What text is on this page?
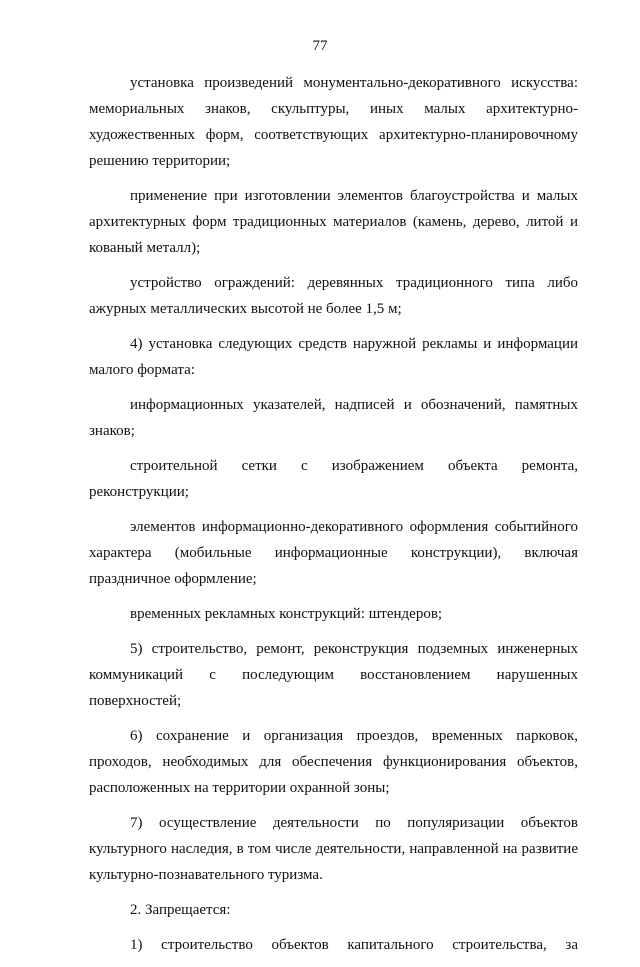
77

установка произведений монументально-декоративного искусства: мемориальных знаков, скульптуры, иных малых архитектурно-художественных форм, соответствующих архитектурно-планировочному решению территории;

применение при изготовлении элементов благоустройства и малых архитектурных форм традиционных материалов (камень, дерево, литой и кованый металл);

устройство ограждений: деревянных традиционного типа либо ажурных металлических высотой не более 1,5 м;

4) установка следующих средств наружной рекламы и информации малого формата:

информационных указателей, надписей и обозначений, памятных знаков;

строительной сетки с изображением объекта ремонта, реконструкции;

элементов информационно-декоративного оформления событийного характера (мобильные информационные конструкции), включая праздничное оформление;

временных рекламных конструкций: штендеров;

5) строительство, ремонт, реконструкция подземных инженерных коммуникаций с последующим восстановлением нарушенных поверхностей;

6) сохранение и организация проездов, временных парковок, проходов, необходимых для обеспечения функционирования объектов, расположенных на территории охранной зоны;

7) осуществление деятельности по популяризации объектов культурного наследия, в том числе деятельности, направленной на развитие культурно-познавательного туризма.

2. Запрещается:

1) строительство объектов капитального строительства, за
